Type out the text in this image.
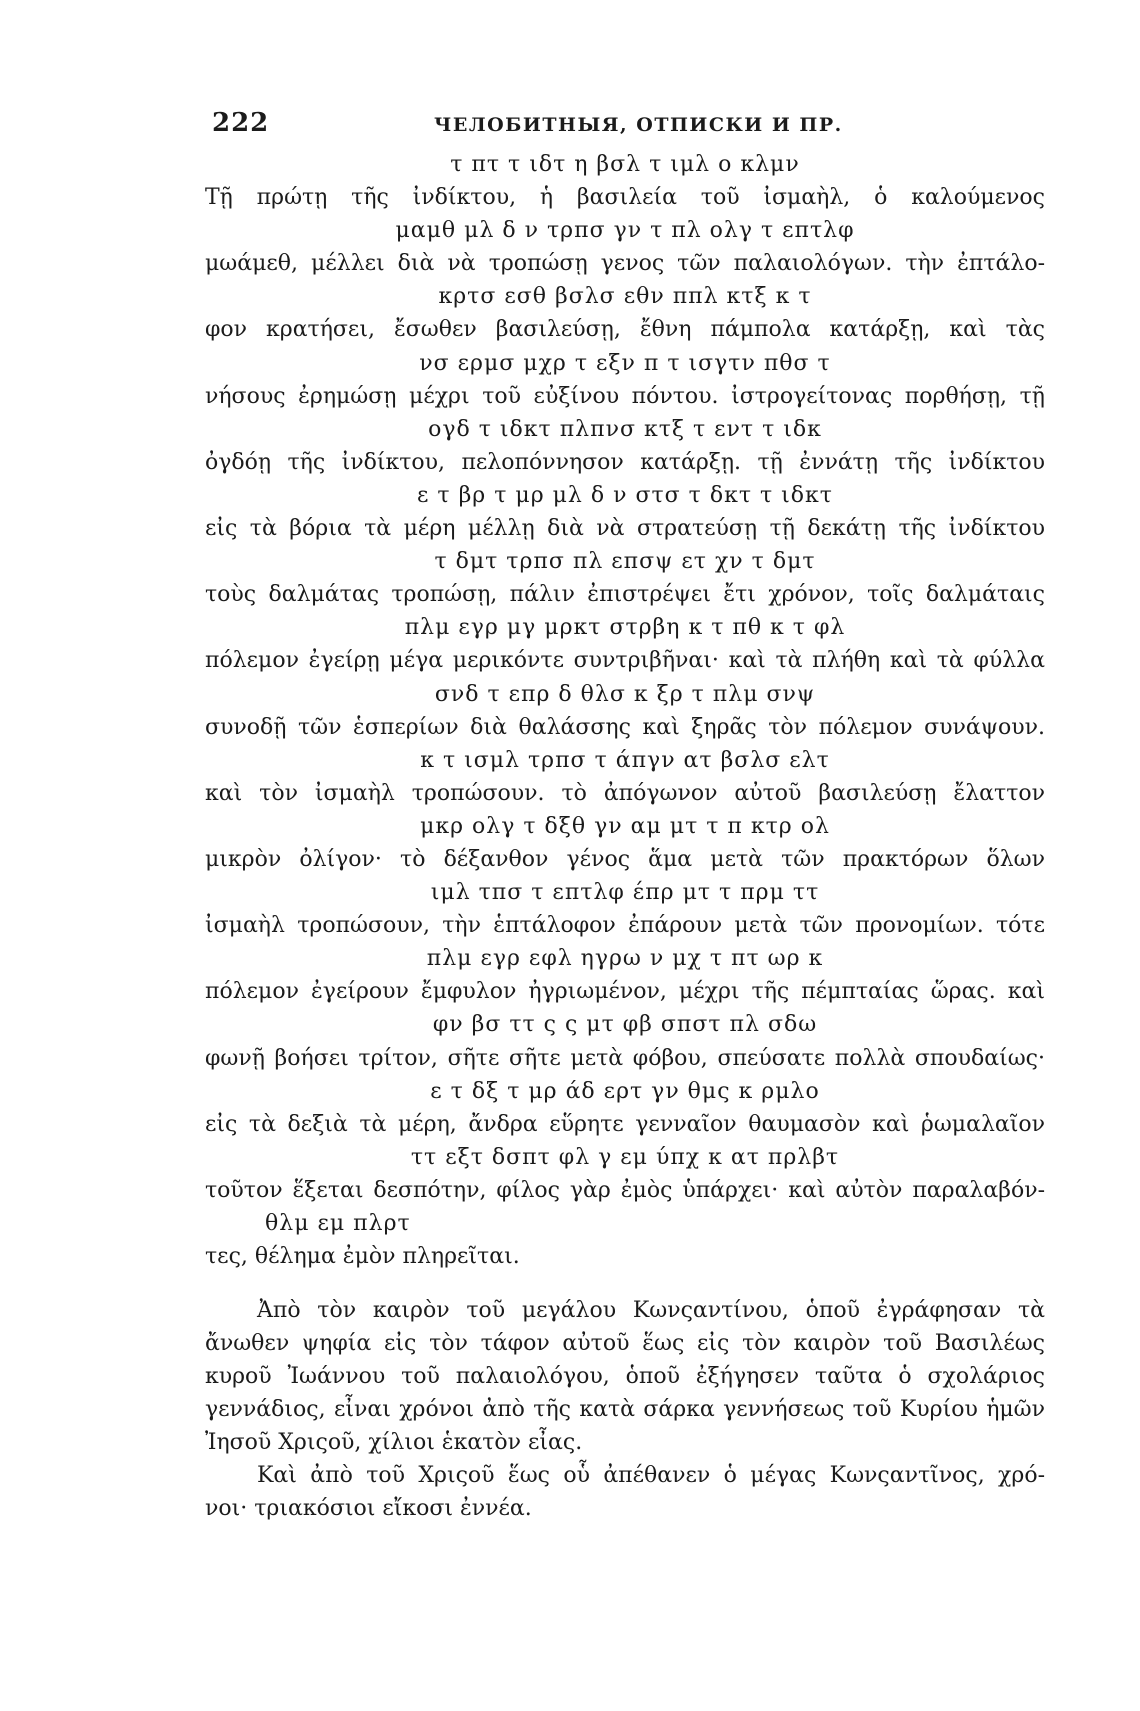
222	ЧЕЛОБИТНЫЯ, ОТПИСКИ И ПР.
τ πτ τ ιδτ η βσλ τ ιμλ ο κλμν
Τῇ πρώτῃ τῆς ἰνδίκτου, ἡ βασιλεία τοῦ ἰσμαὴλ, ὁ καλούμενος
μαμθ μλ δ ν τρπσ γν τ πλ ολγ τ επτλφ
μωάμεθ, μέλλει διὰ νὰ τροπώσῃ γενος τῶν παλαιολόγων. τὴν ἐπτάλο-
κρτσ εσθ βσλσ εθν ππλ κτξ κ τ
φον κρατήσει, ἔσωθεν βασιλεύσῃ, ἔθνη πάμπολα κατάρξῃ, καὶ τὰς
νσ ερμσ μχρ τ εξν π τ ισγτν πθσ τ
νήσους ἐρημώσῃ μέχρι τοῦ εὐξίνου πόντου. ἰστρογείτονας πορθήσῃ, τῇ
ογδ τ ιδκτ πλπνσ κτξ τ εντ τ ιδκ
ὀγδόῃ τῆς ἰνδίκτου, πελοπόννησον κατάρξῃ. τῇ ἐννάτῃ τῆς ἰνδίκτου
ε τ βρ τ μρ μλ δ ν στσ τ δκτ τ ιδκτ
εἰς τὰ βόρια τὰ μέρη μέλλῃ διὰ νὰ στρατεύσῃ τῇ δεκάτῃ τῆς ἰνδίκτου
τ δμτ τρπσ πλ επσψ ετ χν τ δμτ
τοὺς δαλμάτας τροπώσῃ, πάλιν ἐπιστρέψει ἔτι χρόνον, τοῖς δαλμάταις
πλμ εγρ μγ μρκτ στρβη κ τ πθ κ τ φλ
πόλεμον ἐγείρῃ μέγα μερικόντε συντριβῆναι· καὶ τὰ πλήθη καὶ τὰ φύλλα
σνδ τ επρ δ θλσ κ ξρ τ πλμ σνψ
συνοδῇ τῶν ἑσπερίων διὰ θαλάσσης καὶ ξηρᾶς τὸν πόλεμον συνάψουν.
κ τ ισμλ τρπσ τ άπγν ατ βσλσ ελτ
καὶ τὸν ἰσμαὴλ τροπώσουν. τὸ ἀπόγωνον αὐτοῦ βασιλεύσῃ ἔλαττον
μκρ ολγ τ δξθ γν αμ μτ τ π κτρ ολ
μικρὸν ὀλίγον· τὸ δέξανθον γένος ἅμα μετὰ τῶν πρακτόρων ὅλων
ιμλ τπσ τ επτλφ έπρ μτ τ πρμ ττ
ἰσμαὴλ τροπώσουν, τὴν ἑπτάλοφον ἐπάρουν μετὰ τῶν προνομίων. τότε
πλμ εγρ εφλ ηγρω ν μχ τ πτ ωρ κ
πόλεμον ἐγείρουν ἔμφυλον ἠγριωμένον, μέχρι τῆς πέμπταίας ὥρας. καὶ
φν βσ ττ ς ς μτ φβ σπστ πλ σδω
φωνῇ βοήσει τρίτον, σῆτε σῆτε μετὰ φόβου, σπεύσατε πολλὰ σπουδαίως·
ε τ δξ τ μρ άδ ερτ γν θμς κ ρμλο
εἰς τὰ δεξιὰ τὰ μέρη, ἄνδρα εὕρητε γενναῖον θαυμασὸν καὶ ῥωμαλαῖον
ττ εξτ δσπτ φλ γ εμ ύπχ κ ατ πρλβτ
τοῦτον ἕξεται δεσπότην, φίλος γὰρ ἐμὸς ὑπάρχει· καὶ αὐτὸν παραλαβόν-
θλμ εμ πλρτ
τες, θέλημα ἐμὸν πληρεῖται.
Ἀπὸ τὸν καιρὸν τοῦ μεγάλου Κωνςαντίνου, ὁποῦ ἐγράφησαν τὰ
ἄνωθεν ψηφία εἰς τὸν τάφον αὐτοῦ ἕως εἰς τὸν καιρὸν τοῦ Βασιλέως
κυροῦ Ἰωάννου τοῦ παλαιολόγου, ὁποῦ ἐξήγησεν ταῦτα ὁ σχολάριος
γεννάδιος, εἶναι χρόνοι ἀπὸ τῆς κατὰ σάρκα γεννήσεως τοῦ Κυρίου ἡμῶν
Ἰησοῦ Χριςοῦ, χίλιοι ἑκατὸν εἶας.
Καὶ ἀπὸ τοῦ Χριςοῦ ἕως οὗ ἀπέθανεν ὁ μέγας Κωνςαντῖνος, χρό-
νοι· τριακόσιοι εἴκοσι ἐννέα.
